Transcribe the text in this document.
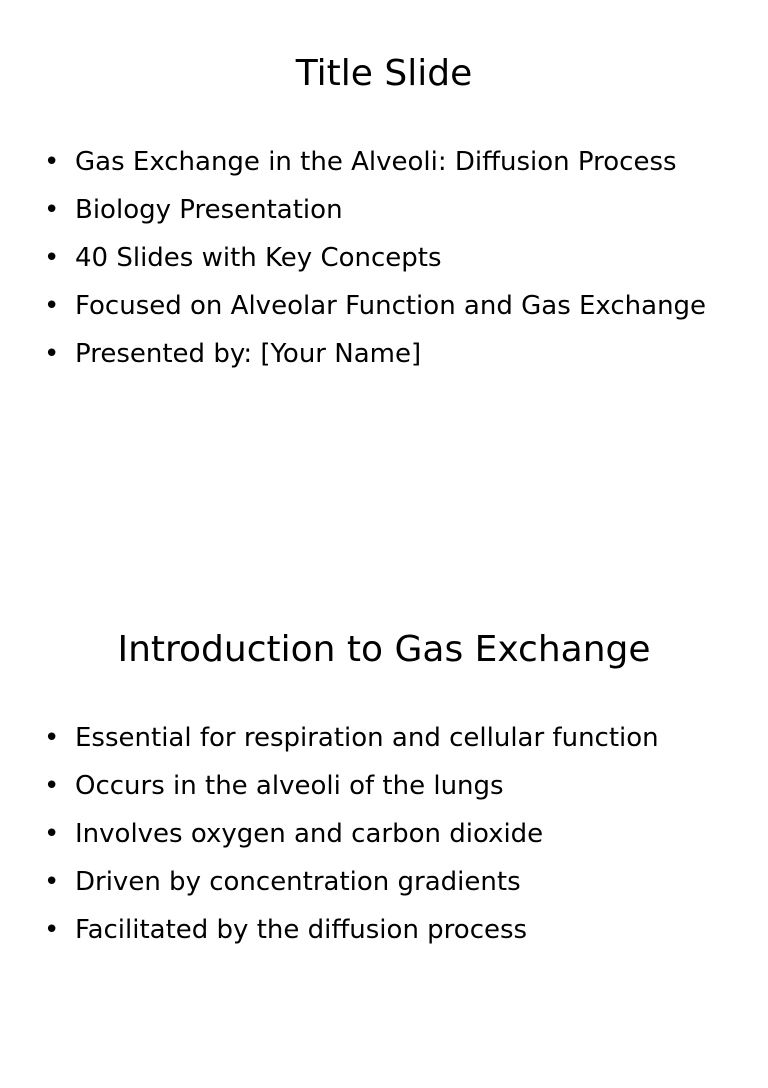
Title Slide
• Gas Exchange in the Alveoli: Diffusion Process
• Biology Presentation
• 40 Slides with Key Concepts
• Focused on Alveolar Function and Gas Exchange
• Presented by: [Your Name]
Introduction to Gas Exchange
• Essential for respiration and cellular function
• Occurs in the alveoli of the lungs
• Involves oxygen and carbon dioxide
• Driven by concentration gradients
• Facilitated by the diffusion process
